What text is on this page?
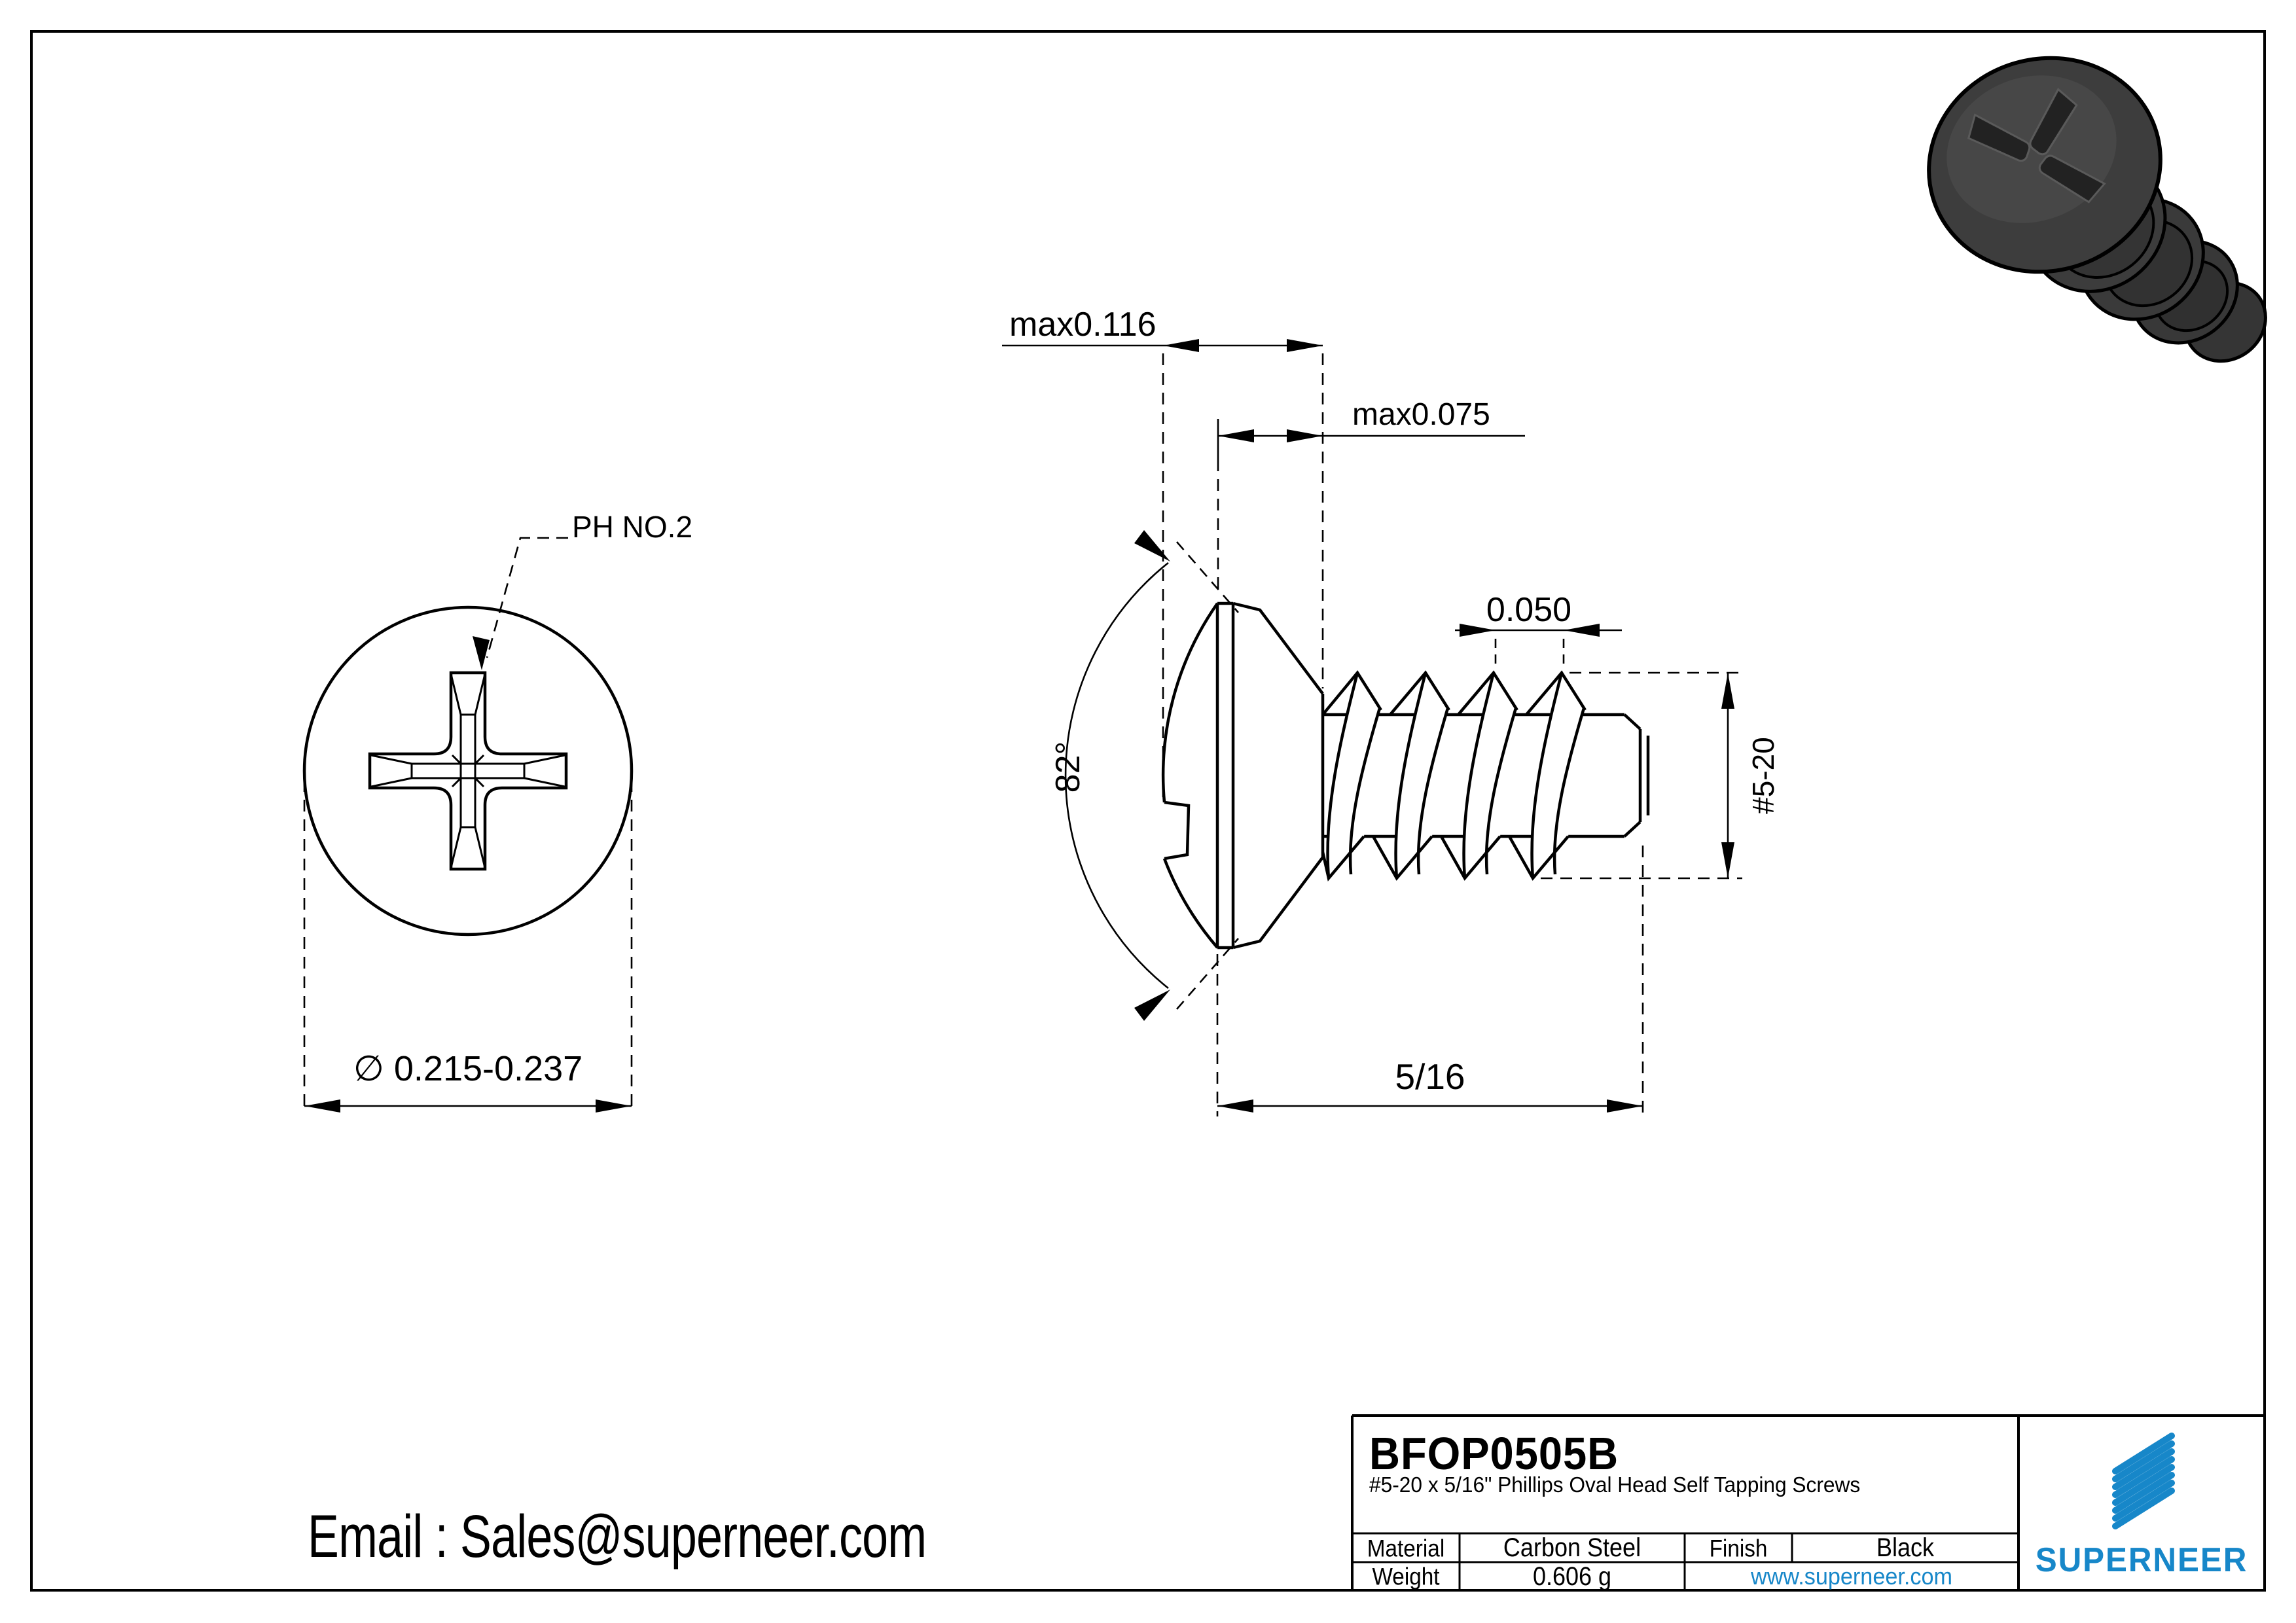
PH NO.2
∅ 0.215-0.237
max0.116
max0.075
0.050
82°	#5-20
5/16
Email : Sales@superneer.com
BFOP0505B
#5-20 x 5/16" Phillips Oval Head Self Tapping Screws
Material Carbon Steel	Finish	Black
Weight	0.606 g	www.superneer.com SUPERNEER
